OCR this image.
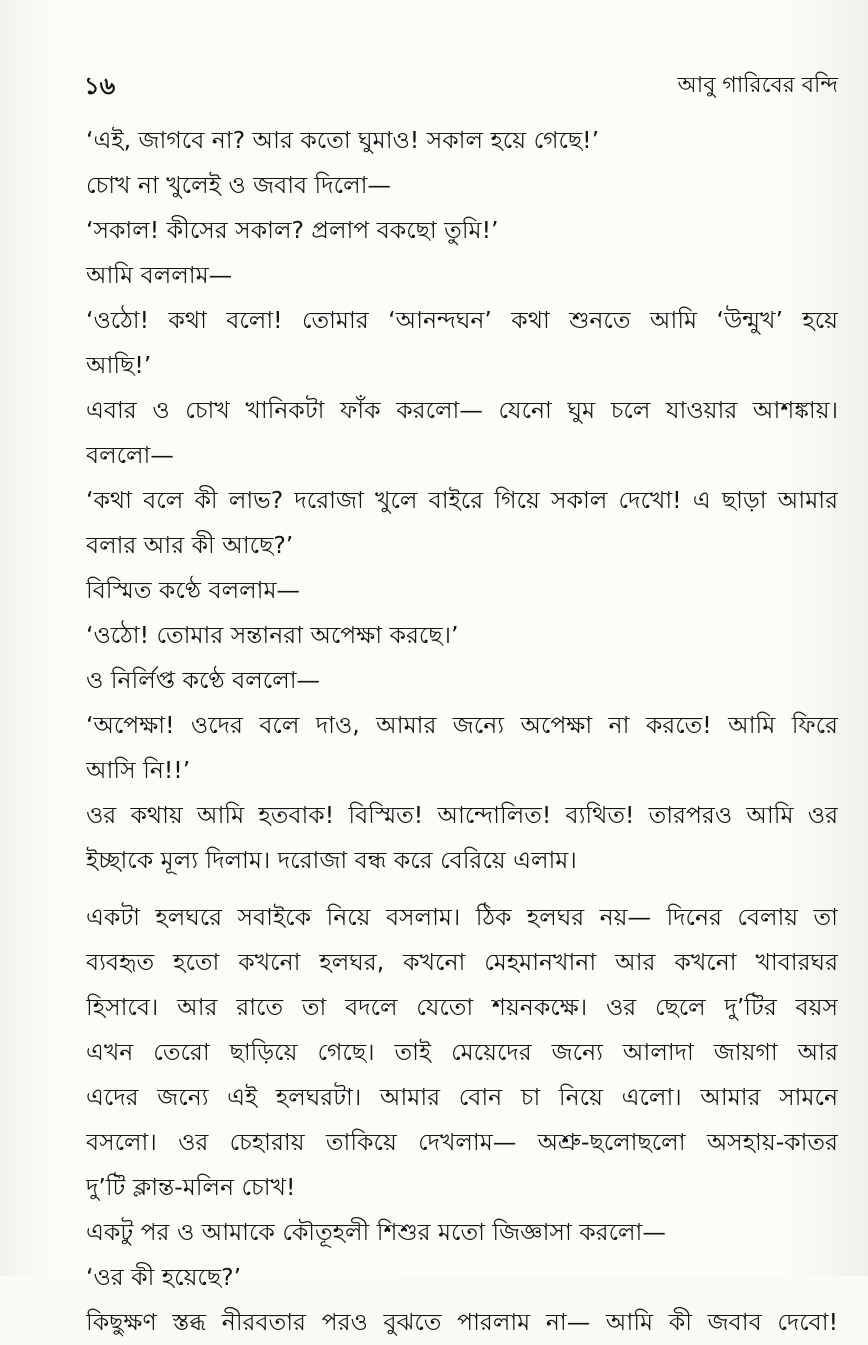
১৬	আবু গারিবের বন্দি
‘এই, জাগবে না? আর কতো ঘুমাও! সকাল হয়ে গেছে!’
চোখ না খুলেই ও জবাব দিলো—
‘সকাল! কীসের সকাল? প্রলাপ বকছো তুমি!’
আমি বললাম—
‘ওঠো! কথা বলো! তোমার ‘আনন্দঘন’ কথা শুনতে আমি ‘উন্মুখ’ হয়ে
আছি!’
এবার ও চোখ খানিকটা ফাঁক করলো— যেনো ঘুম চলে যাওয়ার আশঙ্কায়।
বললো—
‘কথা বলে কী লাভ? দরোজা খুলে বাইরে গিয়ে সকাল দেখো! এ ছাড়া আমার
বলার আর কী আছে?’
বিস্মিত কণ্ঠে বললাম—
‘ওঠো! তোমার সন্তানরা অপেক্ষা করছে।’
ও নির্লিপ্ত কণ্ঠে বললো—
‘অপেক্ষা! ওদের বলে দাও, আমার জন্যে অপেক্ষা না করতে! আমি ফিরে
আসি নি!!’
ওর কথায় আমি হতবাক! বিস্মিত! আন্দোলিত! ব্যথিত! তারপরও আমি ওর
ইচ্ছাকে মূল্য দিলাম। দরোজা বন্ধ করে বেরিয়ে এলাম।
একটা হলঘরে সবাইকে নিয়ে বসলাম। ঠিক হলঘর নয়— দিনের বেলায় তা
ব্যবহৃত হতো কখনো হলঘর, কখনো মেহমানখানা আর কখনো খাবারঘর
হিসাবে। আর রাতে তা বদলে যেতো শয়নকক্ষে। ওর ছেলে দু’টির বয়স
এখন তেরো ছাড়িয়ে গেছে। তাই মেয়েদের জন্যে আলাদা জায়গা আর
এদের জন্যে এই হলঘরটা। আমার বোন চা নিয়ে এলো। আমার সামনে
বসলো। ওর চেহারায় তাকিয়ে দেখলাম— অশ্রু-ছলোছলো অসহায়-কাতর
দু’টি ক্লান্ত-মলিন চোখ!
একটু পর ও আমাকে কৌতূহলী শিশুর মতো জিজ্ঞাসা করলো—
‘ওর কী হয়েছে?’
কিছুক্ষণ স্তব্ধ নীরবতার পরও বুঝতে পারলাম না— আমি কী জবাব দেবো!
